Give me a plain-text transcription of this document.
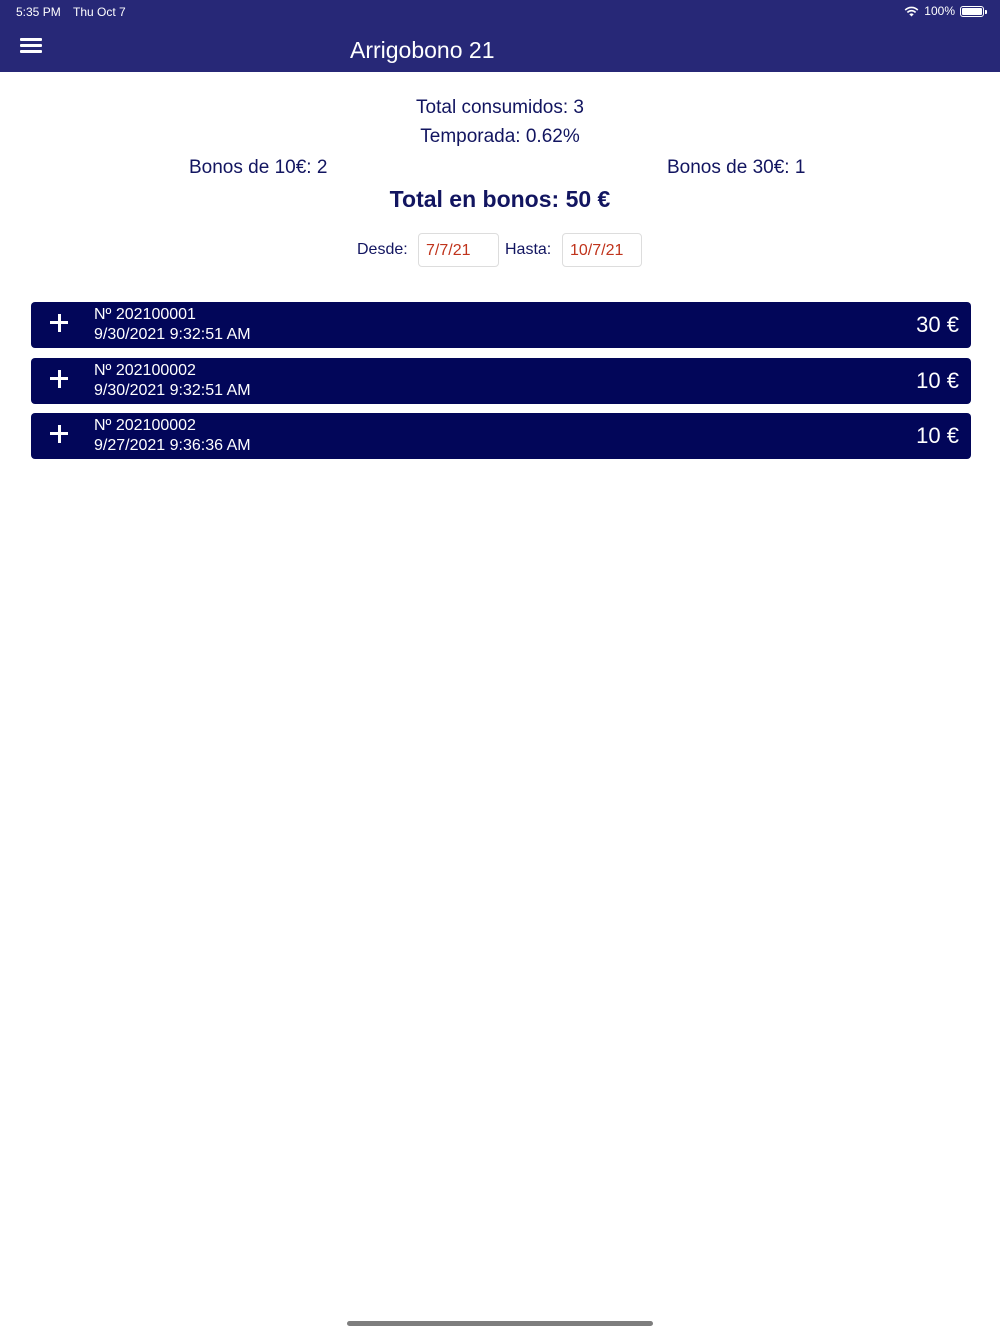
5:35 PM Thu Oct 7	100%
Arrigobono 21
Total consumidos: 3
Temporada: 0.62%
Bonos de 10€: 2	Bonos de 30€: 1
Total en bonos: 50 €
Desde:	7/7/21	Hasta:	10/7/21
Nº 202100001
9/30/2021 9:32:51 AM	30 €
Nº 202100002
9/30/2021 9:32:51 AM	10 €
Nº 202100002
9/27/2021 9:36:36 AM	10 €
